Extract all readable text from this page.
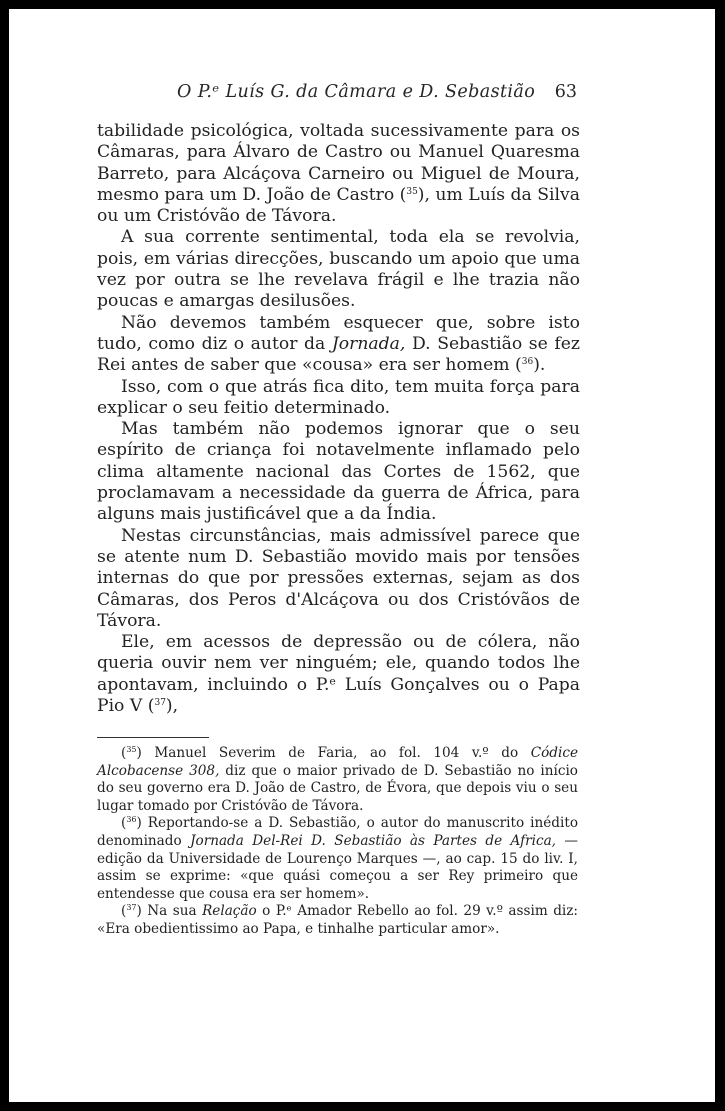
O P.ᵉ Luís G. da Câmara e D. Sebastião 63

tabilidade psicológica, voltada sucessivamente para os Câmaras, para Álvaro de Castro ou Manuel Quaresma Barreto, para Alcáçova Carneiro ou Miguel de Moura, mesmo para um D. João de Castro ($^{35}$), um Luís da Silva ou um Cristóvão de Távora.

A sua corrente sentimental, toda ela se revolvia, pois, em várias direcções, buscando um apoio que uma vez por outra se lhe revelava frágil e lhe trazia não poucas e amargas desilusões.

Não devemos também esquecer que, sobre isto tudo, como diz o autor da Jornada, D. Sebastião se fez Rei antes de saber que «cousa» era ser homem ($^{36}$).

Isso, com o que atrás fica dito, tem muita força para explicar o seu feitio determinado.

Mas também não podemos ignorar que o seu espírito de criança foi notavelmente inflamado pelo clima altamente nacional das Cortes de 1562, que proclamavam a necessidade da guerra de África, para alguns mais justificável que a da Índia.

Nestas circunstâncias, mais admissível parece que se atente num D. Sebastião movido mais por tensões internas do que por pressões externas, sejam as dos Câmaras, dos Peros d'Alcáçova ou dos Cristóvãos de Távora.

Ele, em acessos de depressão ou de cólera, não queria ouvir nem ver ninguém; ele, quando todos lhe apontavam, incluindo o P.ᵉ Luís Gonçalves ou o Papa Pio V ($^{37}$),

($^{35}$) Manuel Severim de Faria, ao fol. 104 v.º do Códice Alcobacense 308, diz que o maior privado de D. Sebastião no início do seu governo era D. João de Castro, de Évora, que depois viu o seu lugar tomado por Cristóvão de Távora.

($^{36}$) Reportando-se a D. Sebastião, o autor do manuscrito inédito denominado Jornada Del-Rei D. Sebastião às Partes de Africa, — edição da Universidade de Lourenço Marques —, ao cap. 15 do liv. I, assim se exprime: «que quási começou a ser Rey primeiro que entendesse que cousa era ser homem».

($^{37}$) Na sua Relação o P.ᵉ Amador Rebello ao fol. 29 v.º assim diz: «Era obedientissimo ao Papa, e tinhalhe particular amor».
